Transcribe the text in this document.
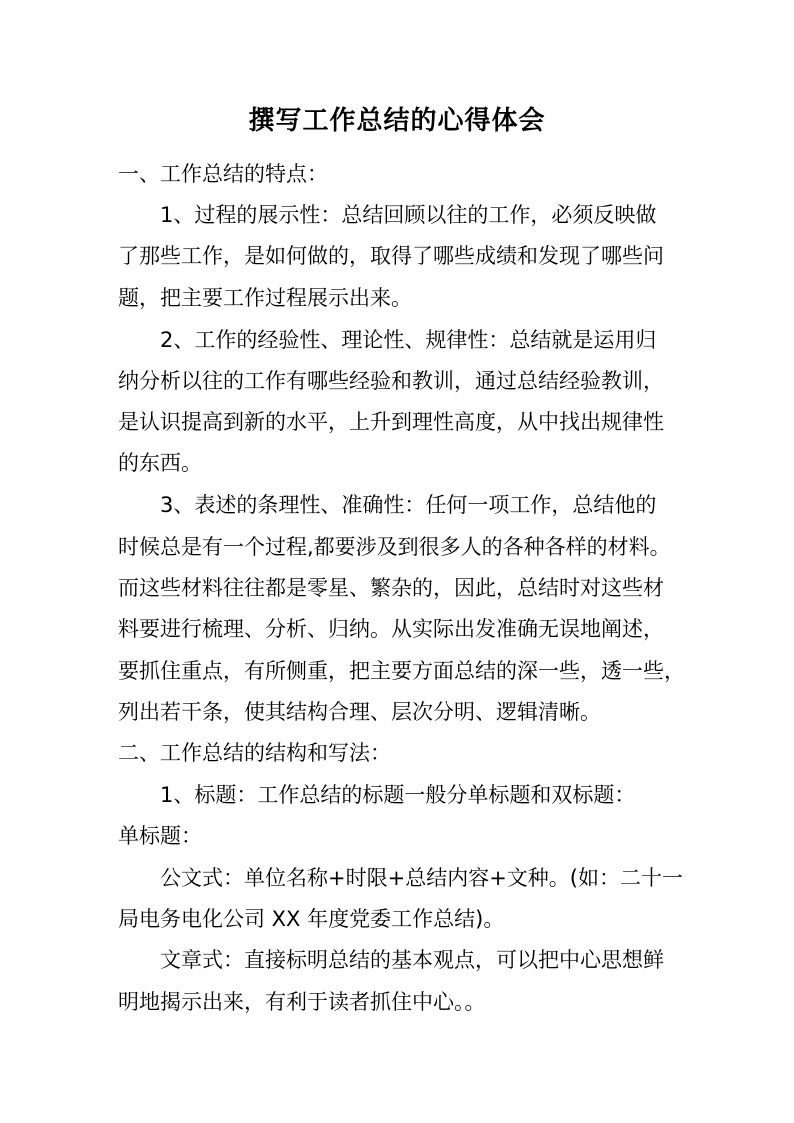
撰写工作总结的心得体会
一、工作总结的特点：
1、过程的展示性：总结回顾以往的工作，必须反映做
了那些工作，是如何做的，取得了哪些成绩和发现了哪些问
题，把主要工作过程展示出来。
2、工作的经验性、理论性、规律性：总结就是运用归
纳分析以往的工作有哪些经验和教训，通过总结经验教训，
是认识提高到新的水平，上升到理性高度，从中找出规律性
的东西。
3、表述的条理性、准确性：任何一项工作，总结他的
时候总是有一个过程,都要涉及到很多人的各种各样的材料。
而这些材料往往都是零星、繁杂的，因此，总结时对这些材
料要进行梳理、分析、归纳。从实际出发准确无误地阐述，
要抓住重点，有所侧重，把主要方面总结的深一些，透一些，
列出若干条，使其结构合理、层次分明、逻辑清晰。
二、工作总结的结构和写法：
1、标题：工作总结的标题一般分单标题和双标题：
单标题：
公文式：单位名称+时限+总结内容+文种。(如：二十一
局电务电化公司 XX 年度党委工作总结)。
文章式：直接标明总结的基本观点，可以把中心思想鲜
明地揭示出来，有利于读者抓住中心。。
